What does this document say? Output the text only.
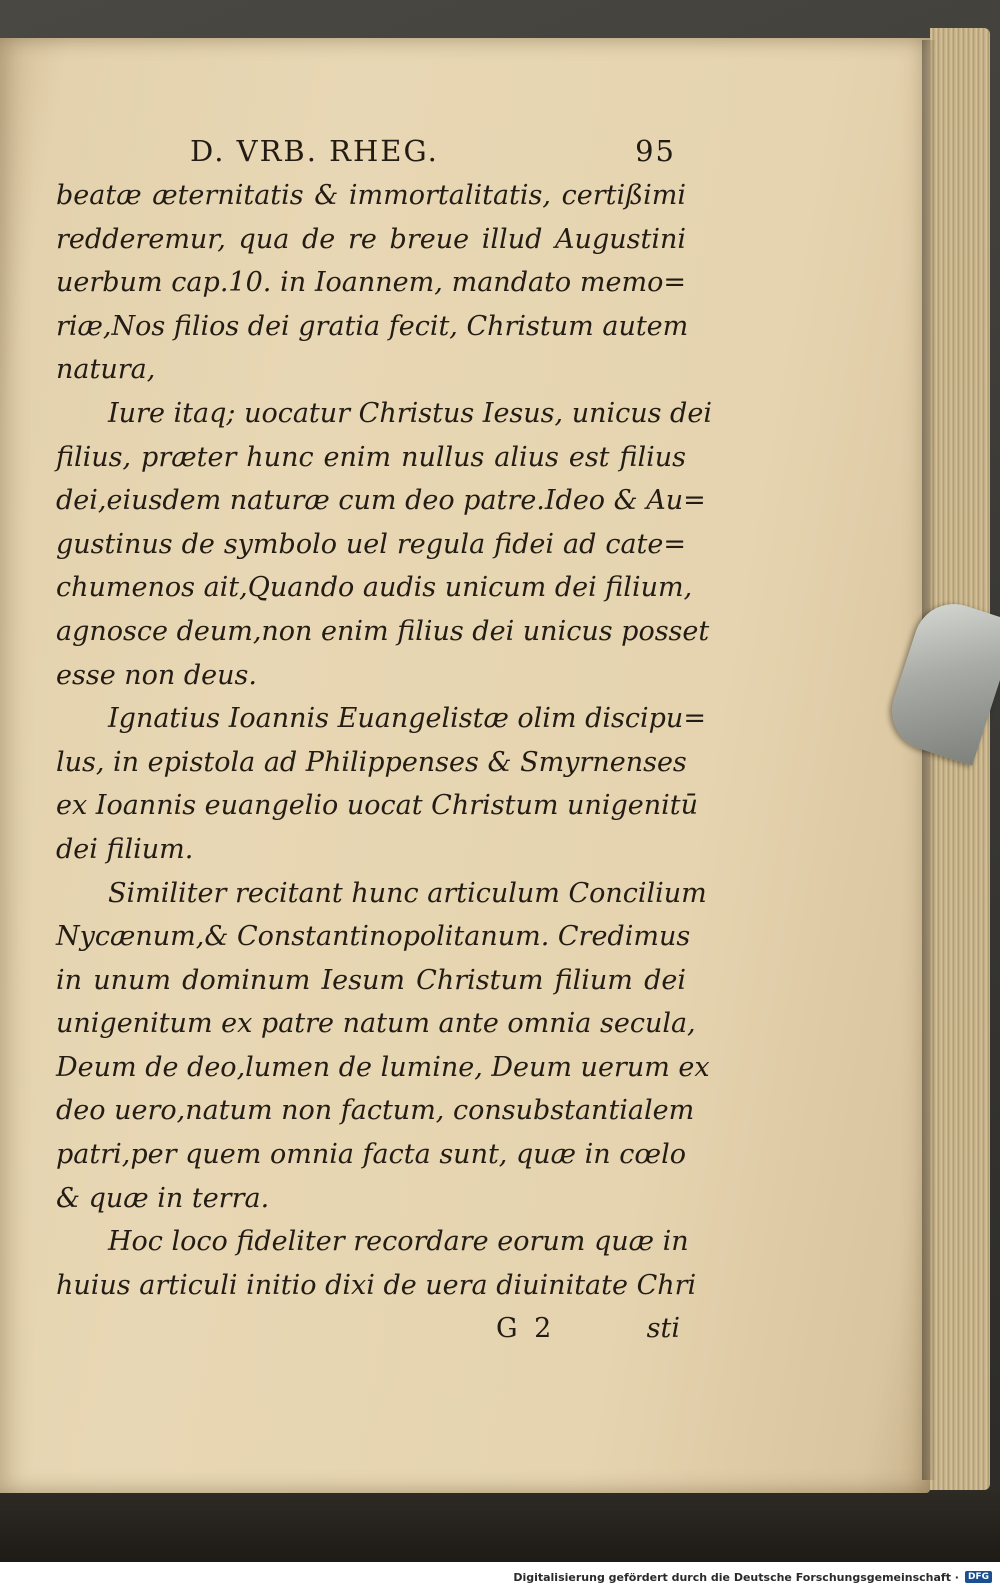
D. VRB. RHEG.	95
beatæ æternitatis & immortalitatis, certißimi
redderemur, qua de re breue illud Augustini
uerbum cap.10. in Ioannem, mandato memo=
riæ,Nos filios dei gratia fecit, Christum autem
natura,
Iure itaq; uocatur Christus Iesus, unicus dei
filius, præter hunc enim nullus alius est filius
dei,eiusdem naturæ cum deo patre.Ideo & Au=
gustinus de symbolo uel regula fidei ad cate=
chumenos ait,Quando audis unicum dei filium,
agnosce deum,non enim filius dei unicus posset
esse non deus.
Ignatius Ioannis Euangelistæ olim discipu=
lus, in epistola ad Philippenses & Smyrnenses
ex Ioannis euangelio uocat Christum unigenitū
dei filium.
Similiter recitant hunc articulum Concilium
Nycænum,& Constantinopolitanum. Credimus
in unum dominum Iesum Christum filium dei
unigenitum ex patre natum ante omnia secula,
Deum de deo,lumen de lumine, Deum uerum ex
deo uero,natum non factum, consubstantialem
patri,per quem omnia facta sunt, quæ in cœlo
& quæ in terra.
Hoc loco fideliter recordare eorum quæ in
huius articuli initio dixi de uera diuinitate Chri
G 2	sti
Digitalisierung gefördert durch die Deutsche Forschungsgemeinschaft ·	DFG
